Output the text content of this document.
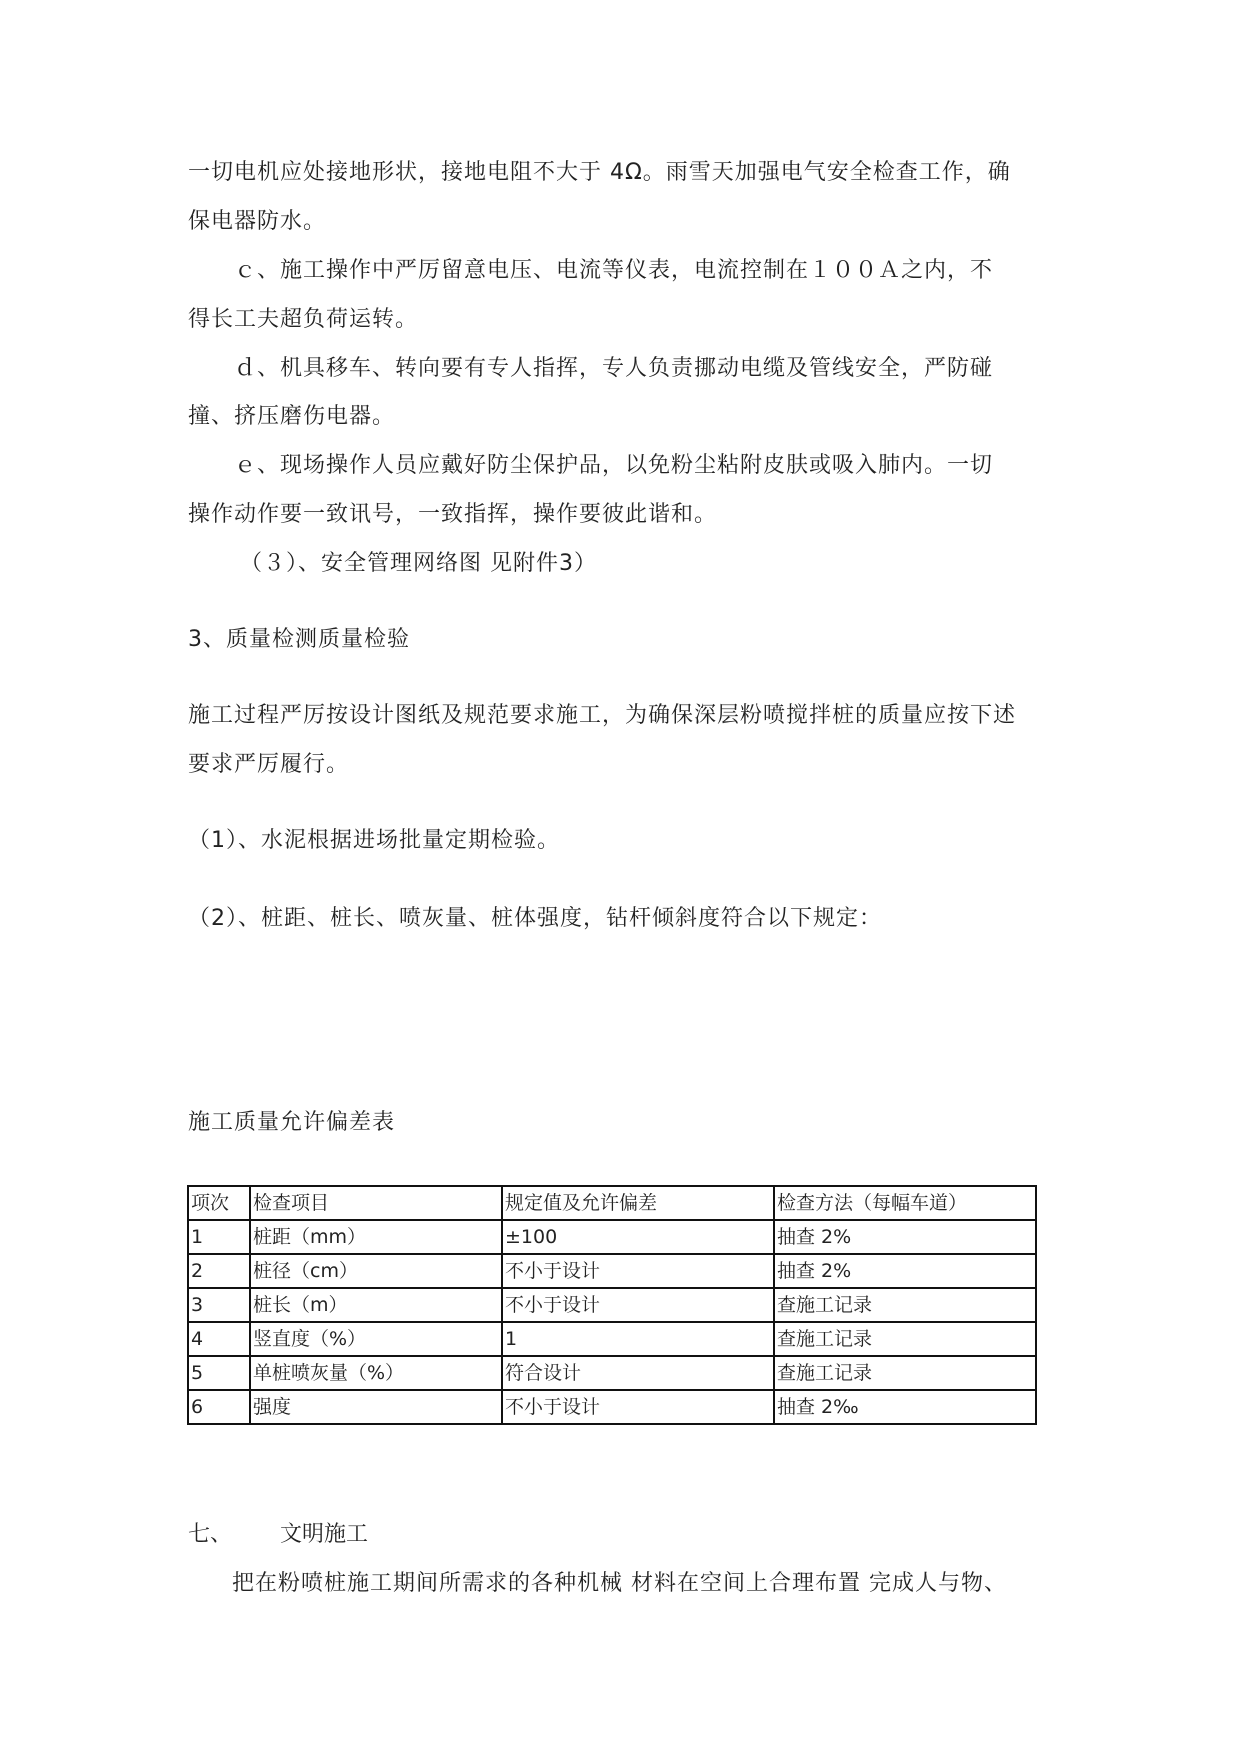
一切电机应处接地形状，接地电阻不大于 4Ω。雨雪天加强电气安全检查工作，确
保电器防水。
　　ｃ、施工操作中严厉留意电压、电流等仪表，电流控制在１００Ａ之内，不
得长工夫超负荷运转。
　　ｄ、机具移车、转向要有专人指挥，专人负责挪动电缆及管线安全，严防碰
撞、挤压磨伤电器。
　　ｅ、现场操作人员应戴好防尘保护品，以免粉尘粘附皮肤或吸入肺内。一切
操作动作要一致讯号，一致指挥，操作要彼此谐和。
（３）、安全管理网络图 见附件3）
3、质量检测质量检验
施工过程严厉按设计图纸及规范要求施工，为确保深层粉喷搅拌桩的质量应按下述
要求严厉履行。
（1）、水泥根据进场批量定期检验。
（2）、桩距、桩长、喷灰量、桩体强度，钻杆倾斜度符合以下规定：
施工质量允许偏差表
项次	检查项目	规定值及允许偏差	检查方法（每幅车道）
1	桩距（mm）	±100	抽查 2%
2	桩径（cm）	不小于设计	抽查 2%
3	桩长（m）	不小于设计	查施工记录
4	竖直度（%）	1	查施工记录
5	单桩喷灰量（%）	符合设计	查施工记录
6	强度	不小于设计	抽查 2‰
七、 文明施工
把在粉喷桩施工期间所需求的各种机械 材料在空间上合理布置 完成人与物、
